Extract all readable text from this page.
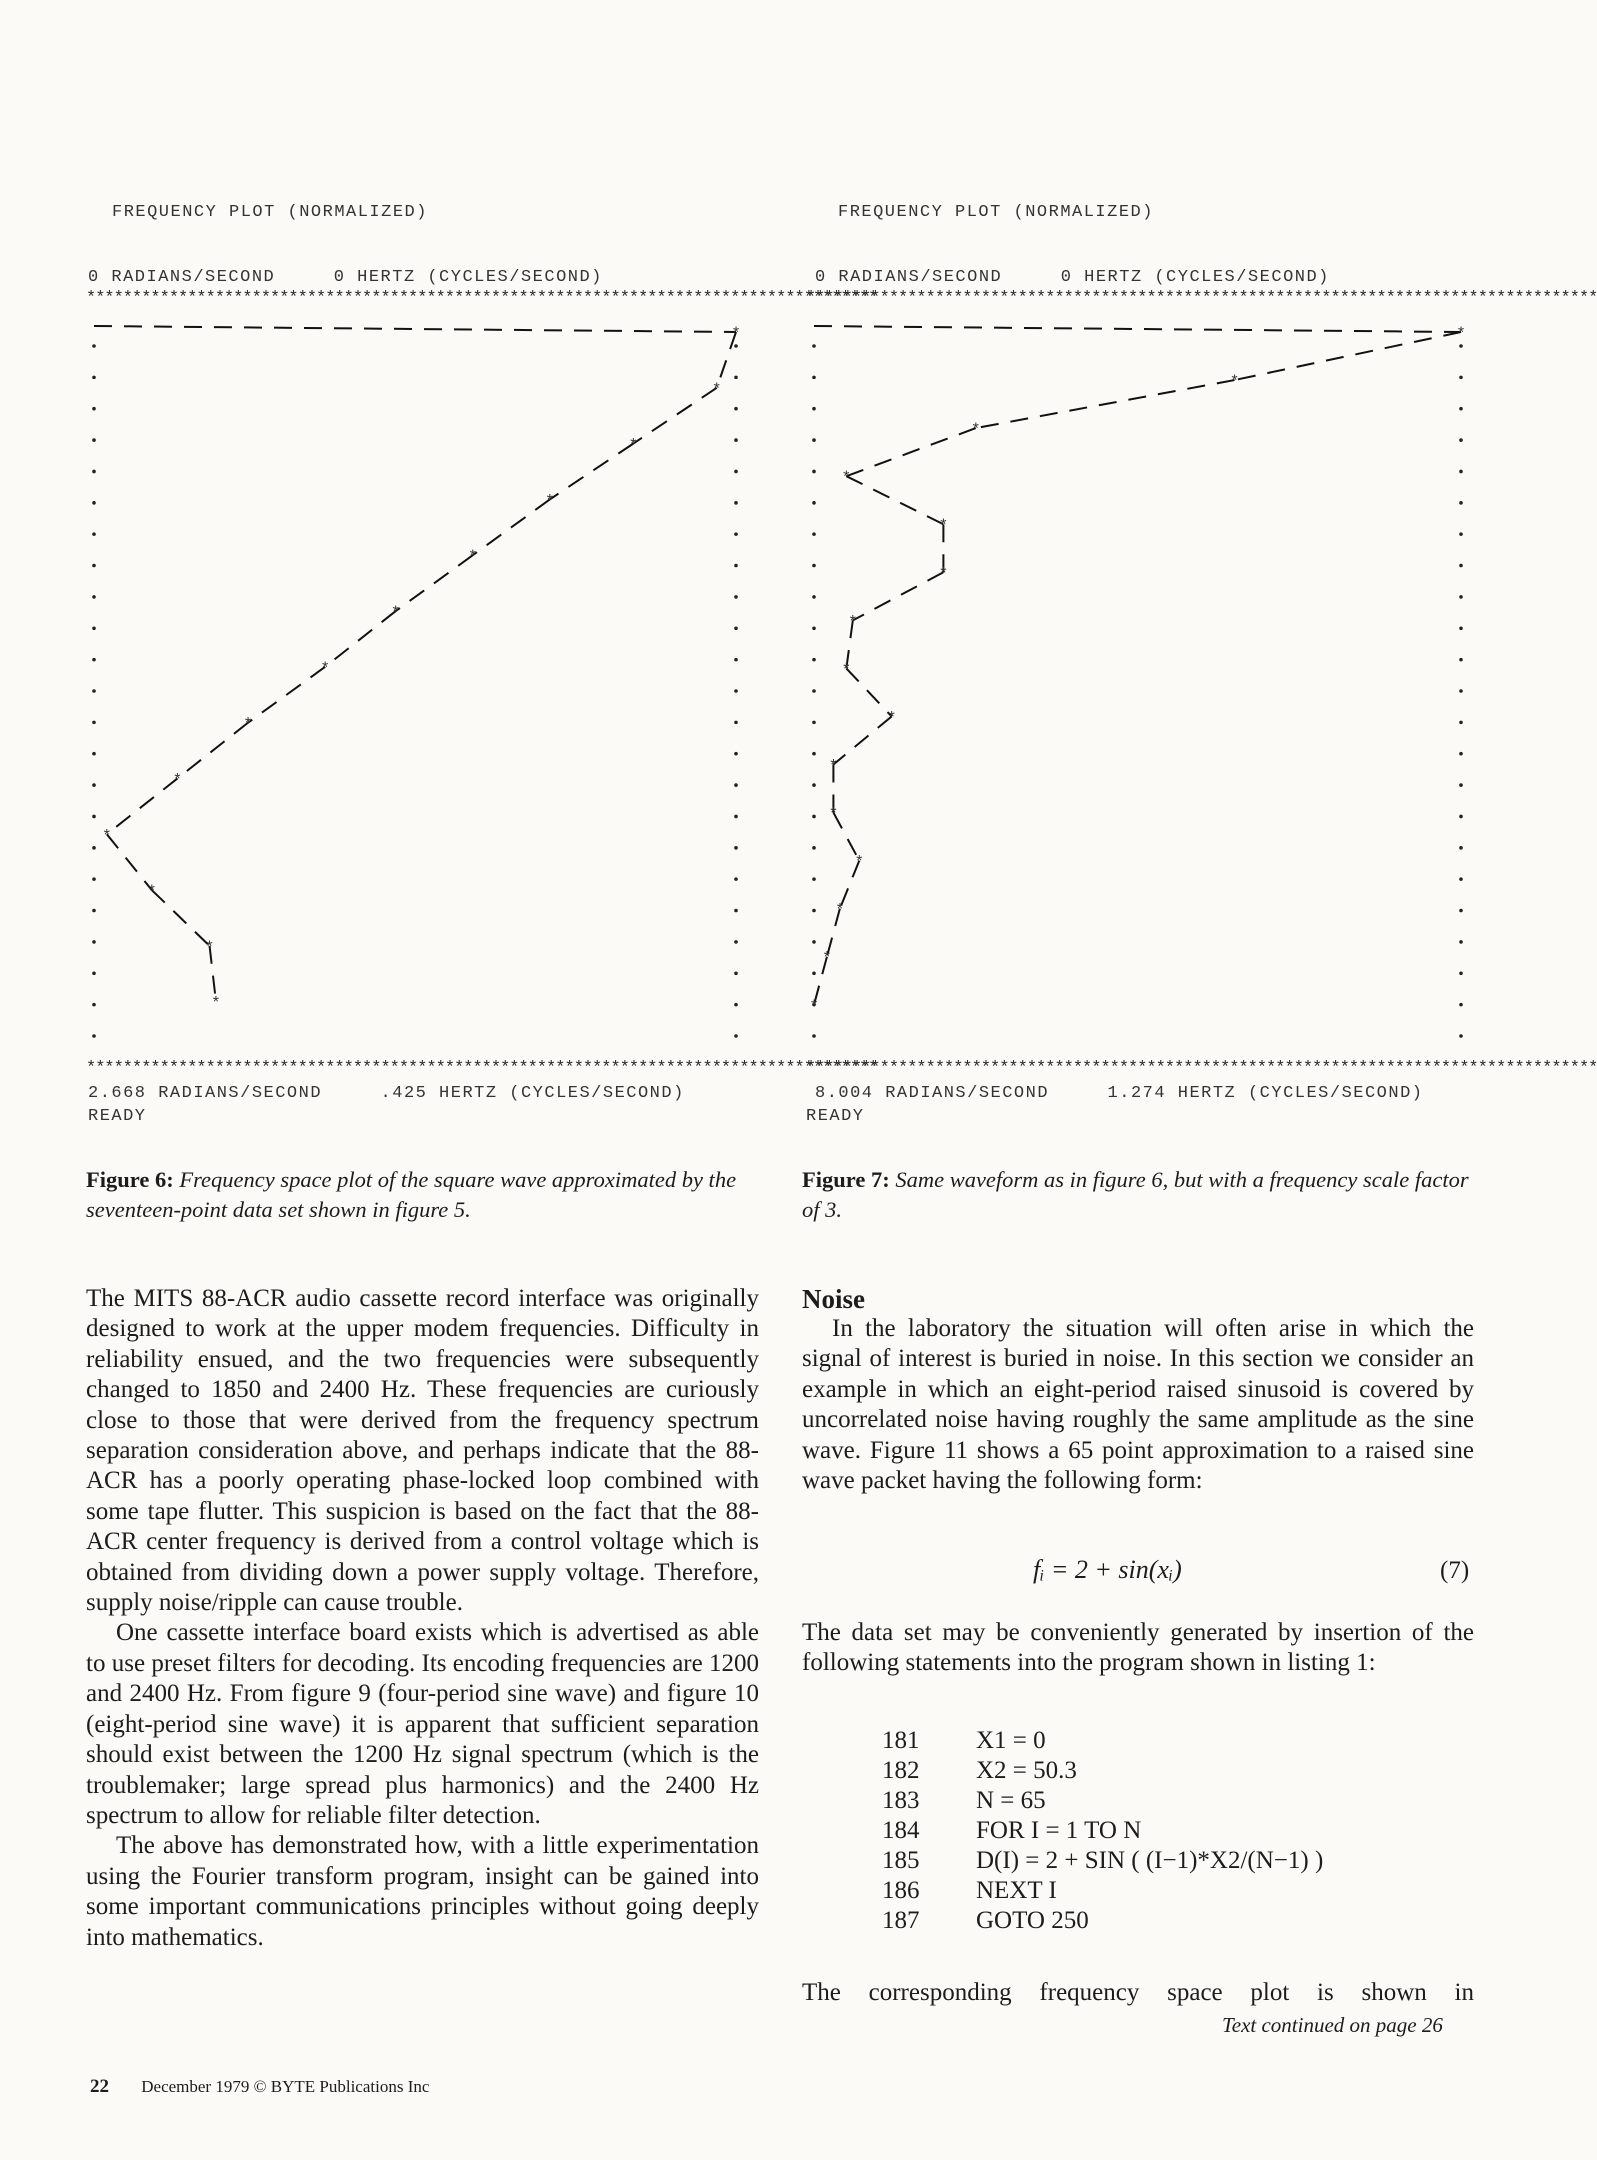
FREQUENCY PLOT (NORMALIZED)

0 RADIANS/SECOND     0 HERTZ (CYCLES/SECOND)

**************************************************************************************

*
*
*
*
*
*
*
*
*
*
*
*
*

**************************************************************************************

2.668 RADIANS/SECOND     .425 HERTZ (CYCLES/SECOND)

READY

Figure 6: Frequency space plot of the square wave approximated by the seventeen-point data set shown in figure 5.

FREQUENCY PLOT (NORMALIZED)

0 RADIANS/SECOND     0 HERTZ (CYCLES/SECOND)

**************************************************************************************

*
*
*
*
*
*
*
*
*
*
*
*
*
*
*

**************************************************************************************

8.004 RADIANS/SECOND     1.274 HERTZ (CYCLES/SECOND)

READY

Figure 7: Same waveform as in figure 6, but with a frequency scale factor of 3.

The MITS 88-ACR audio cassette record interface was originally designed to work at the upper modem frequencies. Difficulty in reliability ensued, and the two frequencies were subsequently changed to 1850 and 2400 Hz. These frequencies are curiously close to those that were derived from the frequency spectrum separation consideration above, and perhaps indicate that the 88-ACR has a poorly operating phase-locked loop combined with some tape flutter. This suspicion is based on the fact that the 88-ACR center frequency is derived from a control voltage which is obtained from dividing down a power supply voltage. Therefore, supply noise/ripple can cause trouble.

One cassette interface board exists which is advertised as able to use preset filters for decoding. Its encoding frequencies are 1200 and 2400 Hz. From figure 9 (four-period sine wave) and figure 10 (eight-period sine wave) it is apparent that sufficient separation should exist between the 1200 Hz signal spectrum (which is the troublemaker; large spread plus harmonics) and the 2400 Hz spectrum to allow for reliable filter detection.

The above has demonstrated how, with a little experimentation using the Fourier transform program, insight can be gained into some important communications principles without going deeply into mathematics.

Noise

In the laboratory the situation will often arise in which the signal of interest is buried in noise. In this section we consider an example in which an eight-period raised sinusoid is covered by uncorrelated noise having roughly the same amplitude as the sine wave. Figure 11 shows a 65 point approximation to a raised sine wave packet having the following form:

fᵢ = 2 + sin(xᵢ)	(7)

The data set may be conveniently generated by insertion of the following statements into the program shown in listing 1:

181	X1 = 0
182	X2 = 50.3
183	N = 65
184	FOR I = 1 TO N
185	D(I) = 2 + SIN ( (I−1)*X2/(N−1) )
186	NEXT I
187	GOTO 250

The corresponding frequency space plot is shown in

Text continued on page 26
22 December 1979 © BYTE Publications Inc
